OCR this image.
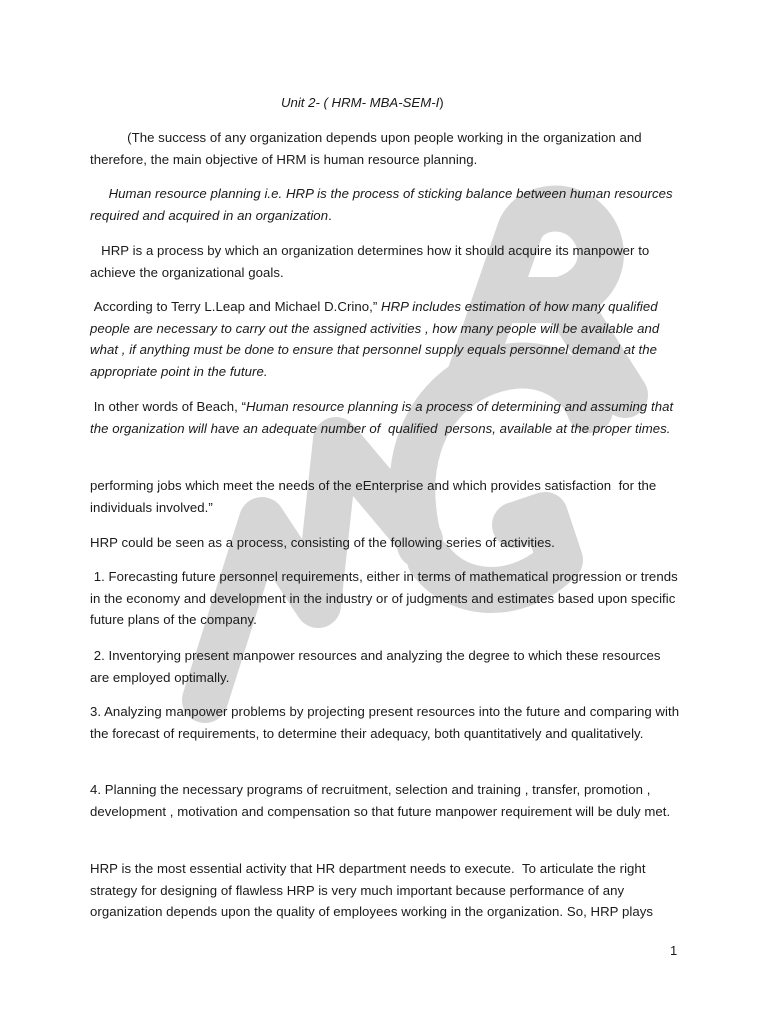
Unit 2- ( HRM- MBA-SEM-I)

(The success of any organization depends upon people working in the organization and therefore, the main objective of HRM is human resource planning.

Human resource planning i.e. HRP is the process of sticking balance between human resources required and acquired in an organization.

HRP is a process by which an organization determines how it should acquire its manpower to achieve the organizational goals.

According to Terry L.Leap and Michael D.Crino,” HRP includes estimation of how many qualified people are necessary to carry out the assigned activities , how many people will be available and what , if anything must be done to ensure that personnel supply equals personnel demand at the appropriate point in the future.

In other words of Beach, “Human resource planning is a process of determining and assuming that the organization will have an adequate number of  qualified  persons, available at the proper times.

performing jobs which meet the needs of the eEnterprise and which provides satisfaction  for the individuals involved.”

HRP could be seen as a process, consisting of the following series of activities.

1. Forecasting future personnel requirements, either in terms of mathematical progression or trends in the economy and development in the industry or of judgments and estimates based upon specific future plans of the company.

2. Inventorying present manpower resources and analyzing the degree to which these resources are employed optimally.

3. Analyzing manpower problems by projecting present resources into the future and comparing with the forecast of requirements, to determine their adequacy, both quantitatively and qualitatively.

4. Planning the necessary programs of recruitment, selection and training , transfer, promotion , development , motivation and compensation so that future manpower requirement will be duly met.

HRP is the most essential activity that HR department needs to execute.  To articulate the right strategy for designing of flawless HRP is very much important because performance of any organization depends upon the quality of employees working in the organization. So, HRP plays

1
